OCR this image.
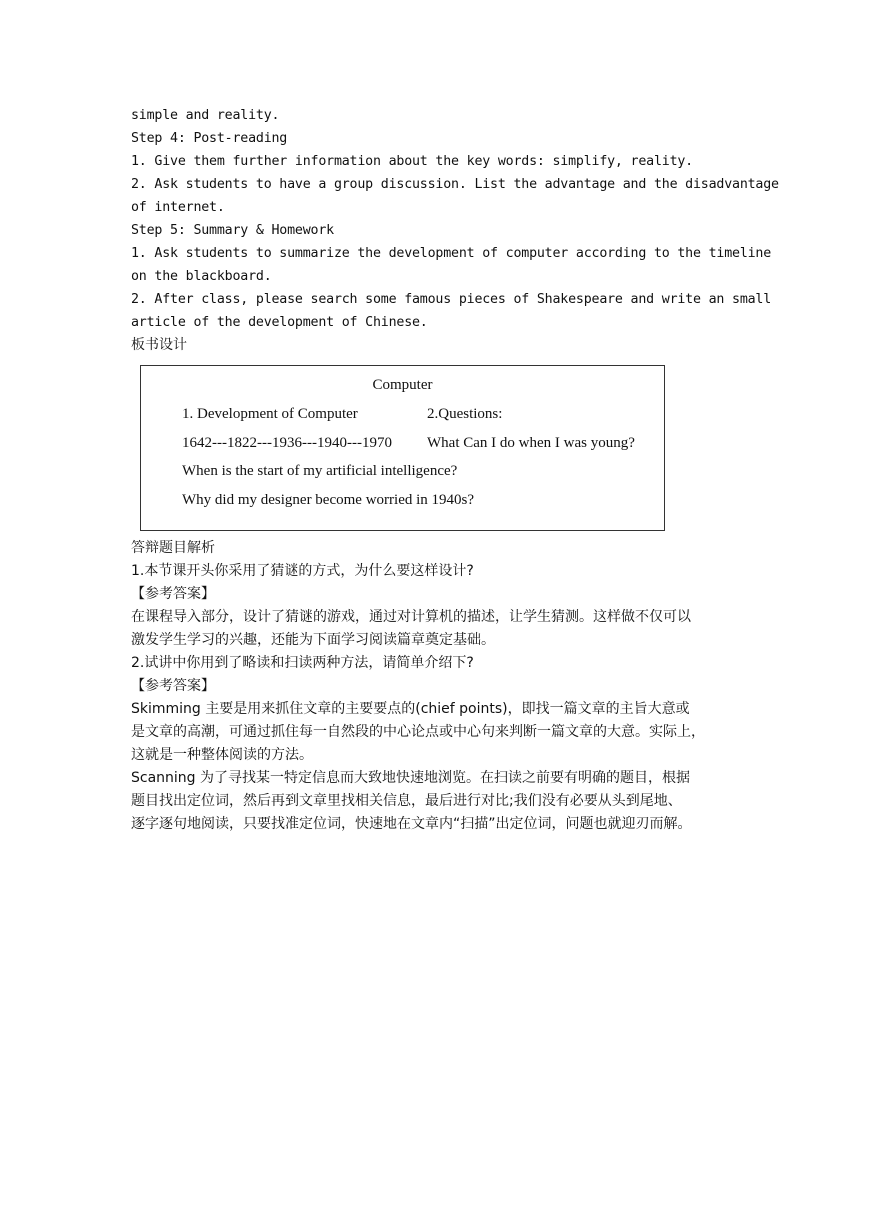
simple and reality.

Step 4: Post-reading

1. Give them further information about the key words: simplify, reality.

2. Ask students to have a group discussion. List the advantage and the disadvantage

of internet.

Step 5: Summary & Homework

1. Ask students to summarize the development of computer according to the timeline

on the blackboard.

2. After class, please search some famous pieces of Shakespeare and write an small

article of the development of Chinese.

板书设计

Computer
1. Development of Computer	2.Questions:
1642---1822---1936---1940---1970 What Can I do when I was young?
When is the start of my artificial intelligence?
Why did my designer become worried in 1940s?

答辩题目解析

1.本节课开头你采用了猜谜的方式，为什么要这样设计?

【参考答案】

在课程导入部分，设计了猜谜的游戏，通过对计算机的描述，让学生猜测。这样做不仅可以

激发学生学习的兴趣，还能为下面学习阅读篇章奠定基础。

2.试讲中你用到了略读和扫读两种方法，请简单介绍下?

【参考答案】

Skimming 主要是用来抓住文章的主要要点的(chief points)，即找一篇文章的主旨大意或

是文章的高潮，可通过抓住每一自然段的中心论点或中心句来判断一篇文章的大意。实际上，

这就是一种整体阅读的方法。

Scanning 为了寻找某一特定信息而大致地快速地浏览。在扫读之前要有明确的题目，根据

题目找出定位词，然后再到文章里找相关信息，最后进行对比;我们没有必要从头到尾地、

逐字逐句地阅读，只要找准定位词，快速地在文章内“扫描”出定位词，问题也就迎刃而解。
